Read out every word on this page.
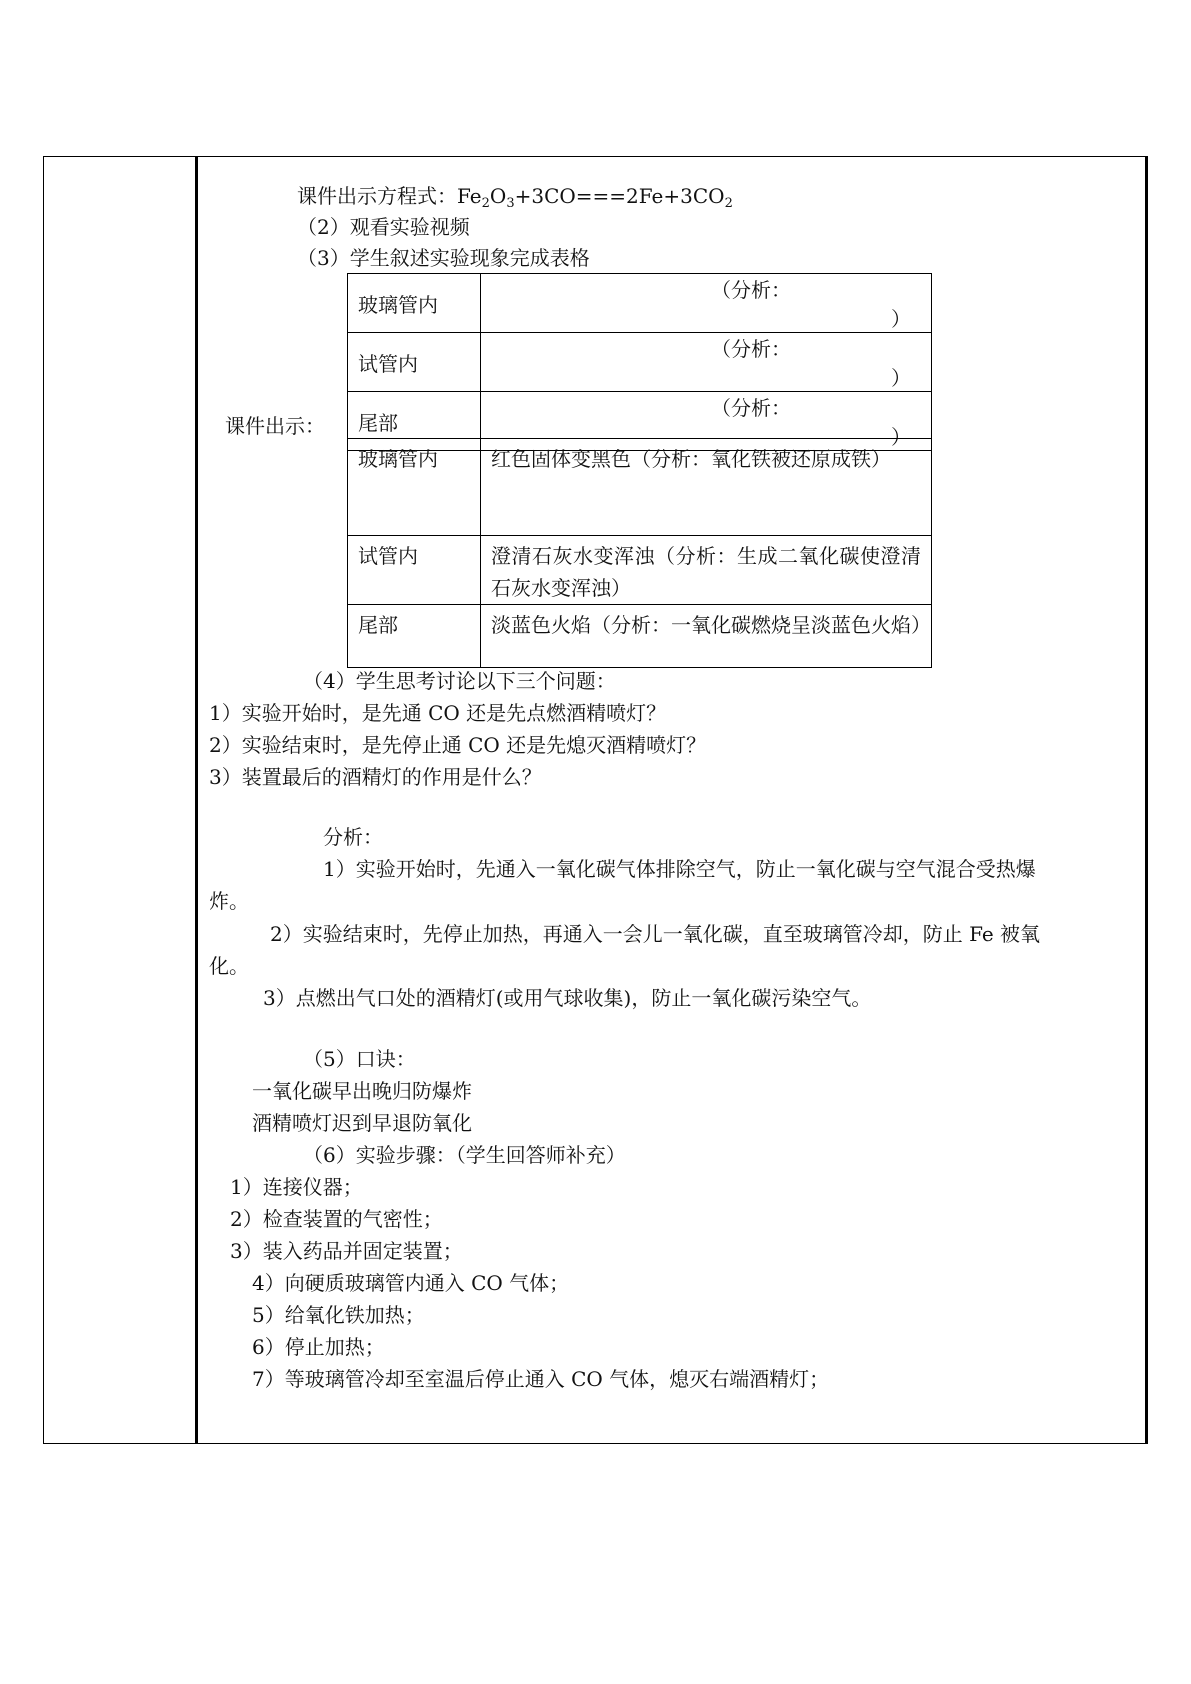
课件出示方程式：$Fe_2O_3+3CO===2Fe+3CO_2$
（2）观看实验视频
（3）学生叙述实验现象完成表格
玻璃管内	（分析：）
试管内	（分析：）
尾部	（分析：）
课件出示：
玻璃管内	红色固体变黑色（分析：氧化铁被还原成铁）
试管内	澄清石灰水变浑浊（分析：生成二氧化碳使澄清石灰水变浑浊）
尾部	淡蓝色火焰（分析：一氧化碳燃烧呈淡蓝色火焰）
（4）学生思考讨论以下三个问题：
1）实验开始时，是先通 CO 还是先点燃酒精喷灯？
2）实验结束时，是先停止通 CO 还是先熄灭酒精喷灯？
3）装置最后的酒精灯的作用是什么？
分析：
1）实验开始时，先通入一氧化碳气体排除空气，防止一氧化碳与空气混合受热爆
炸。
2）实验结束时，先停止加热，再通入一会儿一氧化碳，直至玻璃管冷却，防止 Fe 被氧
化。
3）点燃出气口处的酒精灯(或用气球收集)，防止一氧化碳污染空气。
（5）口诀：
一氧化碳早出晚归防爆炸
酒精喷灯迟到早退防氧化
（6）实验步骤：（学生回答师补充）
1）连接仪器；
2）检查装置的气密性；
3）装入药品并固定装置；
4）向硬质玻璃管内通入 CO 气体；
5）给氧化铁加热；
6）停止加热；
7）等玻璃管冷却至室温后停止通入 CO 气体，熄灭右端酒精灯；
